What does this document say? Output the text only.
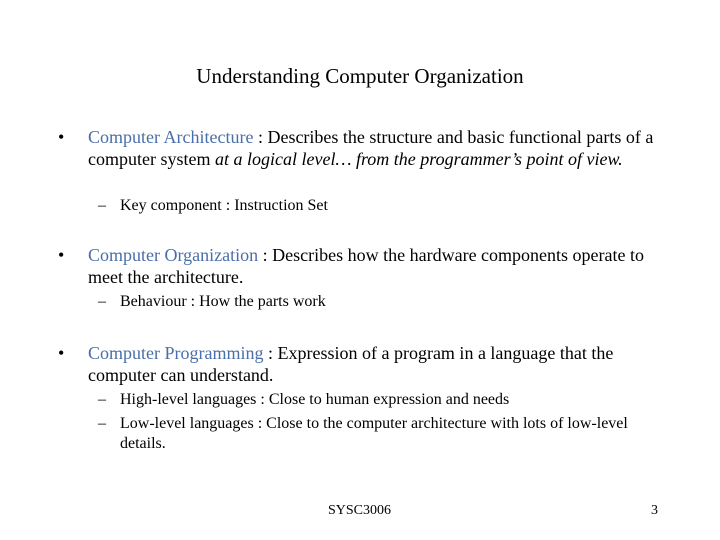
Understanding Computer Organization
•	Computer Architecture : Describes the structure and basic functional parts of a computer system at a logical level… from the programmer’s point of view.
– Key component : Instruction Set
•	Computer Organization : Describes how the hardware components operate to meet the architecture.
– Behaviour : How the parts work
•	Computer Programming : Expression of a program in a language that the computer can understand.
– High-level languages : Close to human expression and needs
– Low-level languages : Close to the computer architecture with lots of low-level details.
SYSC3006	3
